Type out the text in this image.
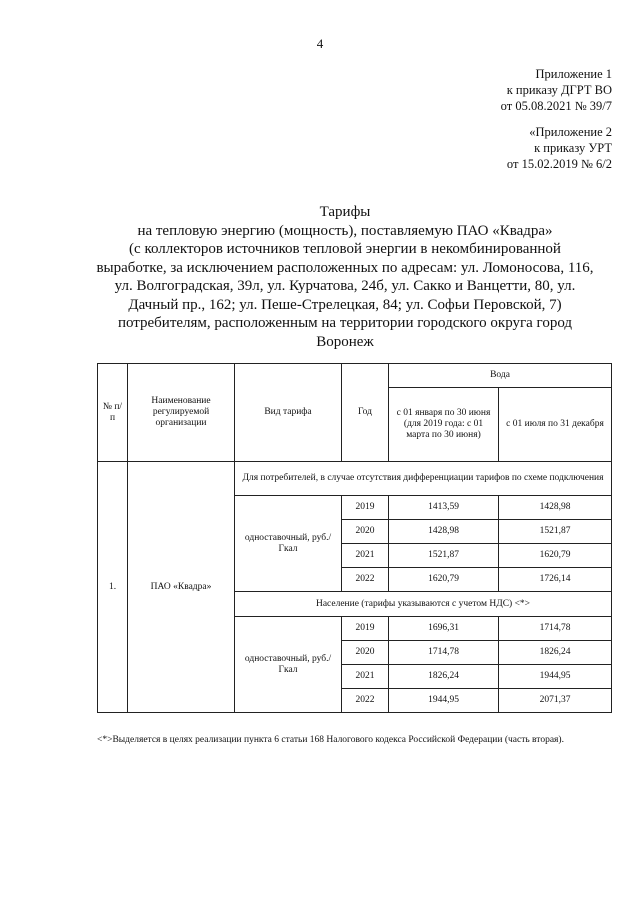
4
Приложение 1
к приказу ДГРТ ВО
от 05.08.2021 № 39/7
«Приложение 2
к приказу УРТ
от 15.02.2019 № 6/2
Тарифы
на тепловую энергию (мощность), поставляемую ПАО «Квадра»
(с коллекторов источников тепловой энергии в некомбинированной
выработке, за исключением расположенных по адресам: ул. Ломоносова, 116,
ул. Волгоградская, 39л, ул. Курчатова, 24б, ул. Сакко и Ванцетти, 80, ул.
Дачный пр., 162; ул. Пеше-Стрелецкая, 84; ул. Софьи Перовской, 7)
потребителям, расположенным на территории городского округа город
Воронеж
№ п/п	Наименование регулируемой организации	Вид тарифа	Год	Вода	
				с 01 января по 30 июня (для 2019 года: с 01 марта по 30 июня)	с 01 июля по 31 декабря
1.	ПАО «Квадра»	Для потребителей, в случае отсутствия дифференциации тарифов по схеме подключения			
		одноставочный, руб./Гкал	2019	1413,59	1428,98
			2020	1428,98	1521,87
			2021	1521,87	1620,79
			2022	1620,79	1726,14
		Население (тарифы указываются с учетом НДС) <*>			
		одноставочный, руб./Гкал	2019	1696,31	1714,78
			2020	1714,78	1826,24
			2021	1826,24	1944,95
			2022	1944,95	2071,37
<*>Выделяется в целях реализации пункта 6 статьи 168 Налогового кодекса Российской Федерации (часть вторая).
